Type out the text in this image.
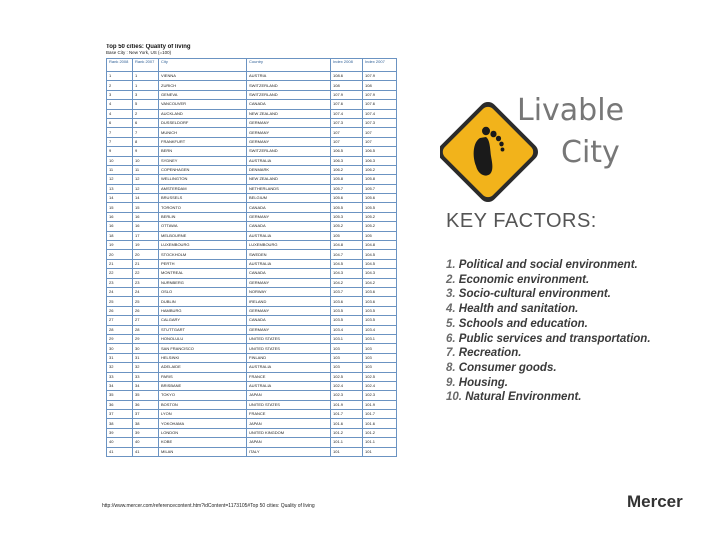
Top 50 cities: Quality of living
Base City : New York, US (=100)
Rank 2008	Rank 2007	City	Country	Index 2008	Index 2007
1	1	VIENNA	AUSTRIA	108.6	107.9
2	1	ZURICH	SWITZERLAND	108	108
3	3	GENEVA	SWITZERLAND	107.9	107.9
4	5	VANCOUVER	CANADA	107.6	107.6
4	2	AUCKLAND	NEW ZEALAND	107.4	107.4
6	6	DUSSELDORF	GERMANY	107.3	107.3
7	7	MUNICH	GERMANY	107	107
7	8	FRANKFURT	GERMANY	107	107
9	9	BERN	SWITZERLAND	106.5	106.5
10	10	SYDNEY	AUSTRALIA	106.3	106.3
11	11	COPENHAGEN	DENMARK	106.2	106.2
12	12	WELLINGTON	NEW ZEALAND	105.8	105.8
13	12	AMSTERDAM	NETHERLANDS	105.7	105.7
14	14	BRUSSELS	BELGIUM	105.6	105.6
15	15	TORONTO	CANADA	105.5	105.5
16	16	BERLIN	GERMANY	105.3	105.2
16	16	OTTAWA	CANADA	105.2	105.2
18	17	MELBOURNE	AUSTRALIA	105	105
19	19	LUXEMBOURG	LUXEMBOURG	104.8	104.8
20	20	STOCKHOLM	SWEDEN	104.7	104.5
21	21	PERTH	AUSTRALIA	104.5	104.5
22	22	MONTREAL	CANADA	104.3	104.3
23	23	NURNBERG	GERMANY	104.2	104.2
24	24	OSLO	NORWAY	103.7	103.6
25	25	DUBLIN	IRELAND	103.6	103.6
26	26	HAMBURG	GERMANY	103.5	103.5
27	27	CALGARY	CANADA	103.5	103.5
28	28	STUTTGART	GERMANY	103.4	103.4
29	29	HONOLULU	UNITED STATES	103.1	103.1
30	30	SAN FRANCISCO	UNITED STATES	103	103
31	31	HELSINKI	FINLAND	103	103
32	32	ADELAIDE	AUSTRALIA	103	103
33	33	PARIS	FRANCE	102.5	102.5
34	34	BRISBANE	AUSTRALIA	102.4	102.4
35	35	TOKYO	JAPAN	102.3	102.3
36	36	BOSTON	UNITED STATES	101.9	101.9
37	37	LYON	FRANCE	101.7	101.7
38	38	YOKOHAMA	JAPAN	101.6	101.6
39	39	LONDON	UNITED KINGDOM	101.2	101.2
40	40	KOBE	JAPAN	101.1	101.1
41	41	MILAN	ITALY	101	101
http://www.mercer.com/referencecontent.htm?idContent=1173105#Top 50 cities: Quality of living
Livable
City
KEY FACTORS:
1. Political and social environment.
2. Economic environment.
3. Socio-cultural environment.
4. Health and sanitation.
5. Schools and education.
6. Public services and transportation.
7. Recreation.
8. Consumer goods.
9. Housing.
10. Natural Environment.
Mercer
